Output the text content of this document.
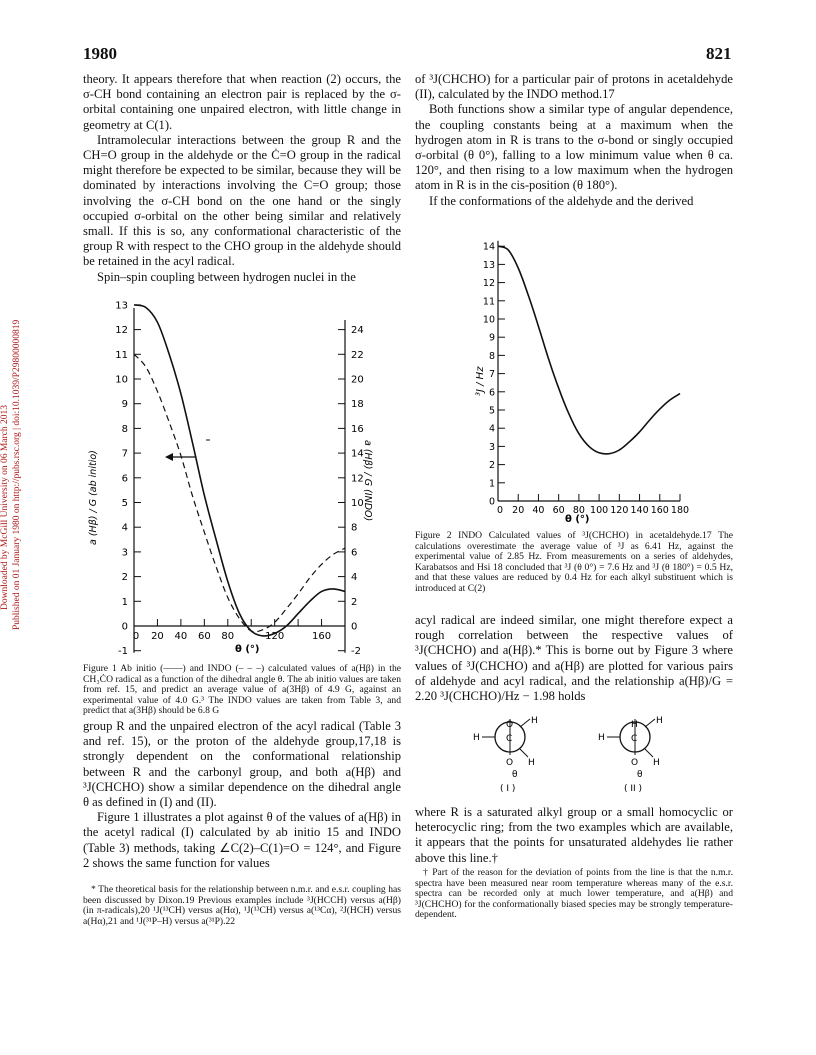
1980	821
Downloaded by McGill University on 06 March 2013 Published on 01 January 1980 on http://pubs.rsc.org | doi:10.1039/P29800000819

theory. It appears therefore that when reaction (2) occurs, the σ-CH bond containing an electron pair is replaced by the σ-orbital containing one unpaired electron, with little change in geometry at C(1).

Intramolecular interactions between the group R and the CH=O group in the aldehyde or the Ċ=O group in the radical might therefore be expected to be similar, because they will be dominated by interactions involving the C=O group; those involving the σ-CH bond on the one hand or the singly occupied σ-orbital on the other being similar and relatively small. If this is so, any conformational characteristic of the group R with respect to the CHO group in the aldehyde should be retained in the acyl radical.

Spin–spin coupling between hydrogen nuclei in the

13
12
11
10
9
8
7
6
5
4
3
2
1
0
-1
24
22
20
18
16
14
12
10
8
6
4
2
0
-2
0 20 40 60 80	120	160
a (Hβ) / G (ab initio)	a (Hβ) / G (INDO)
θ (°)
Figure 1 Ab initio (——) and INDO (– – –) calculated values of a(Hβ) in the CH₃ĊO radical as a function of the dihedral angle θ. The ab initio values are taken from ref. 15, and predict an average value of a(3Hβ) of 4.9 G, against an experimental value of 4.0 G.³ The INDO values are taken from Table 3, and predict that a(3Hβ) should be 6.8 G

group R and the unpaired electron of the acyl radical (Table 3 and ref. 15), or the proton of the aldehyde group,17,18 is strongly dependent on the conformational relationship between R and the carbonyl group, and both a(Hβ) and ³J(CHCHO) show a similar dependence on the dihedral angle θ as defined in (I) and (II).

Figure 1 illustrates a plot against θ of the values of a(Hβ) in the acetyl radical (I) calculated by ab initio 15 and INDO (Table 3) methods, taking ∠C(2)–C(1)=O = 124°, and Figure 2 shows the same function for values

* The theoretical basis for the relationship between n.m.r. and e.s.r. coupling has been discussed by Dixon.19 Previous examples include ³J(HCCH) versus a(Hβ) (in π-radicals),20 ¹J(¹³CH) versus a(Hα), ¹J(¹³CH) versus a(¹³Cα), ²J(HCH) versus a(Hα),21 and ¹J(³¹P–H) versus a(³¹P).22

of ³J(CHCHO) for a particular pair of protons in acetaldehyde (II), calculated by the INDO method.17

Both functions show a similar type of angular dependence, the coupling constants being at a maximum when the hydrogen atom in R is trans to the σ-bond or singly occupied σ-orbital (θ 0°), falling to a low minimum value when θ ca. 120°, and then rising to a low maximum when the hydrogen atom in R is in the cis-position (θ 180°).

If the conformations of the aldehyde and the derived

14
13
12
11
10
9
8
7
6
5
4
3
2
1
0
0 20 40 60 80 100 120 140 160 180
³J / Hz
θ (°)
Figure 2 INDO Calculated values of ³J(CHCHO) in acetaldehyde.17 The calculations overestimate the average value of ³J as 6.41 Hz, against the experimental value of 2.85 Hz. From measurements on a series of aldehydes, Karabatsos and Hsi 18 concluded that ³J (θ 0°) = 7.6 Hz and ³J (θ 180°) = 0.5 Hz, and that these values are reduced by 0.4 Hz for each alkyl substituent which is introduced at C(2)

acyl radical are indeed similar, one might therefore expect a rough correlation between the respective values of ³J(CHCHO) and a(Hβ).* This is borne out by Figure 3 where values of ³J(CHCHO) and a(Hβ) are plotted for various pairs of aldehyde and acyl radical, and the relationship a(Hβ)/G = 2.20 ³J(CHCHO)/Hz − 1.98 holds

O
C
H
H
O H
θ
( I )
H
C
H
H
O H
θ
( II )

where R is a saturated alkyl group or a small homocyclic or heterocyclic ring; from the two examples which are available, it appears that the points for unsaturated aldehydes lie rather above this line.†

† Part of the reason for the deviation of points from the line is that the n.m.r. spectra have been measured near room temperature whereas many of the e.s.r. spectra can be recorded only at much lower temperature, and a(Hβ) and ³J(CHCHO) for the conformationally biased species may be strongly temperature-dependent.
